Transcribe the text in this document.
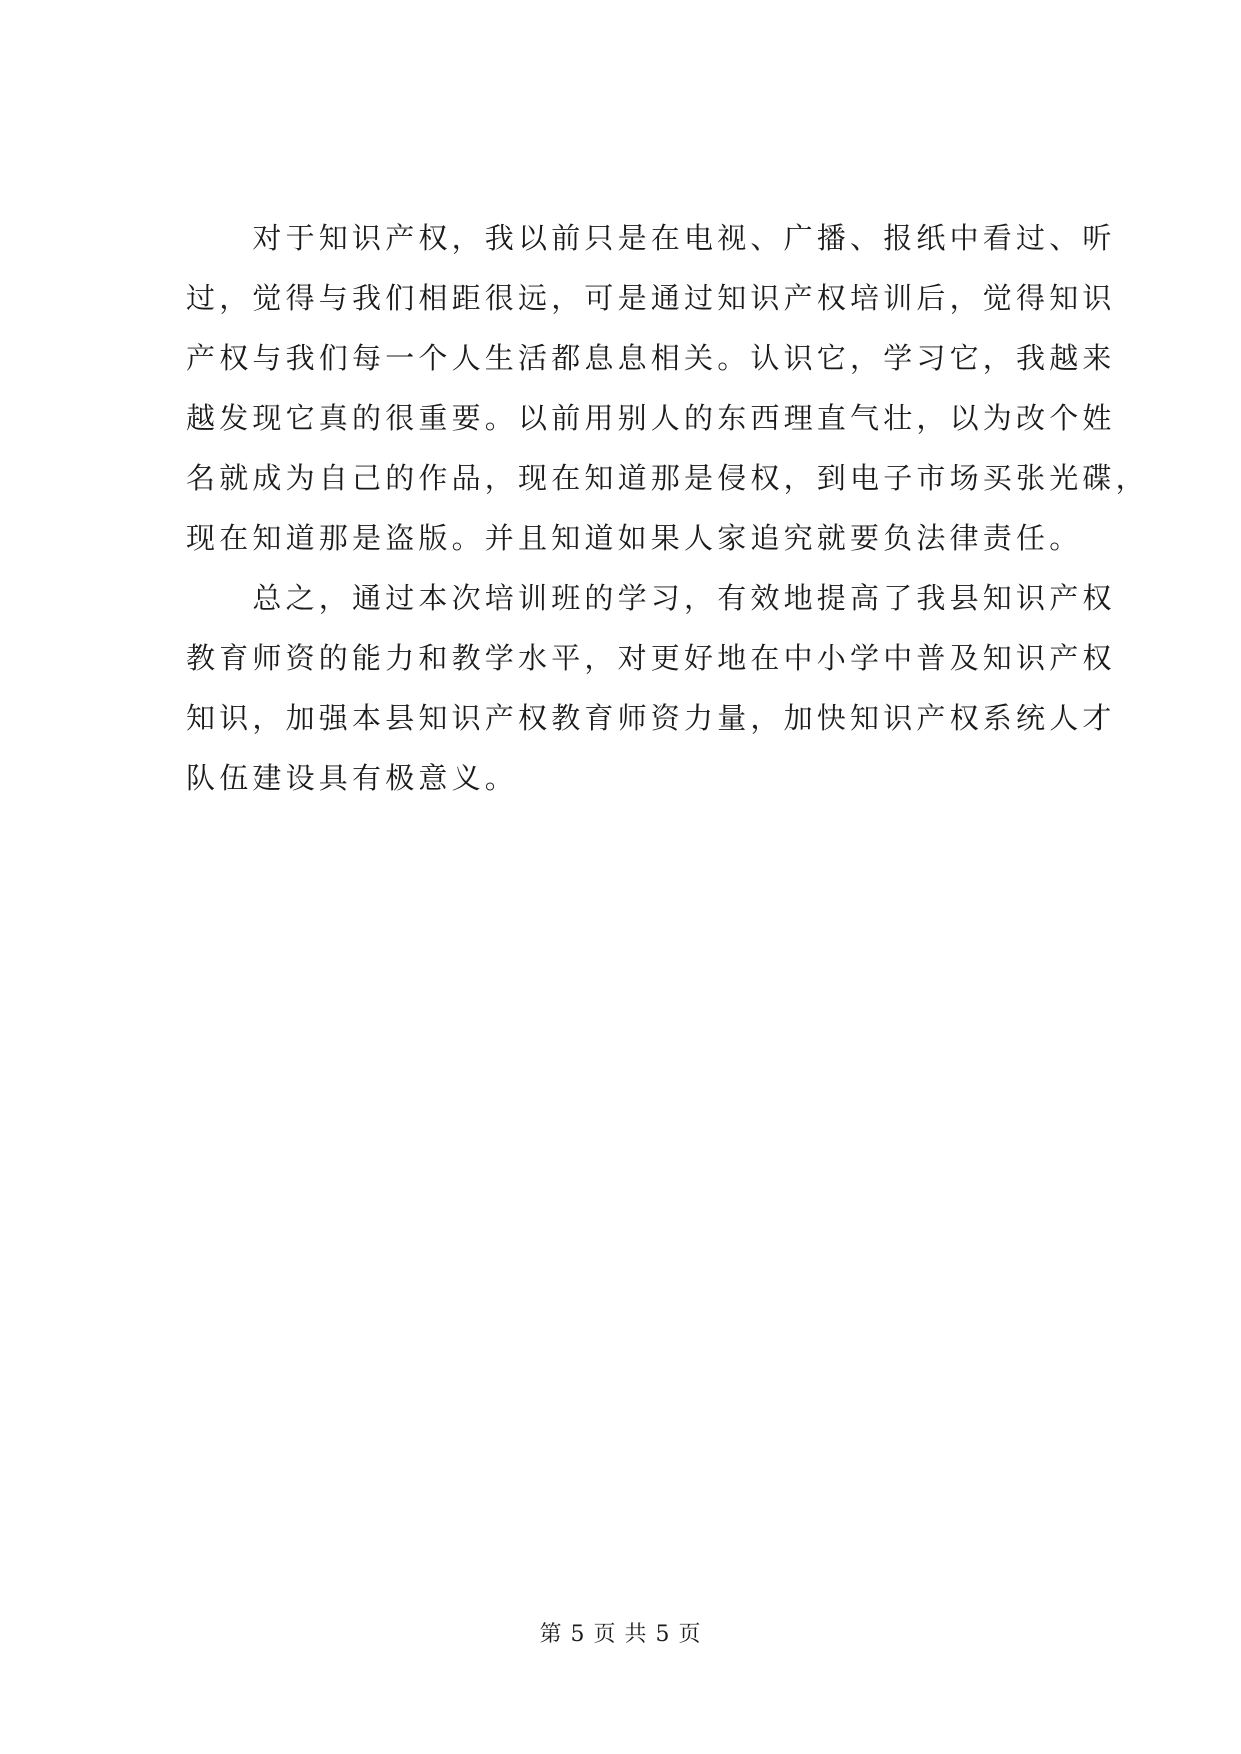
　　对于知识产权，我以前只是在电视、广播、报纸中看过、听
过，觉得与我们相距很远，可是通过知识产权培训后，觉得知识
产权与我们每一个人生活都息息相关。认识它，学习它，我越来
越发现它真的很重要。以前用别人的东西理直气壮，以为改个姓
名就成为自己的作品，现在知道那是侵权，到电子市场买张光碟，
现在知道那是盗版。并且知道如果人家追究就要负法律责任。
　　总之，通过本次培训班的学习，有效地提高了我县知识产权
教育师资的能力和教学水平，对更好地在中小学中普及知识产权
知识，加强本县知识产权教育师资力量，加快知识产权系统人才
队伍建设具有极意义。
第 5 页 共 5 页
